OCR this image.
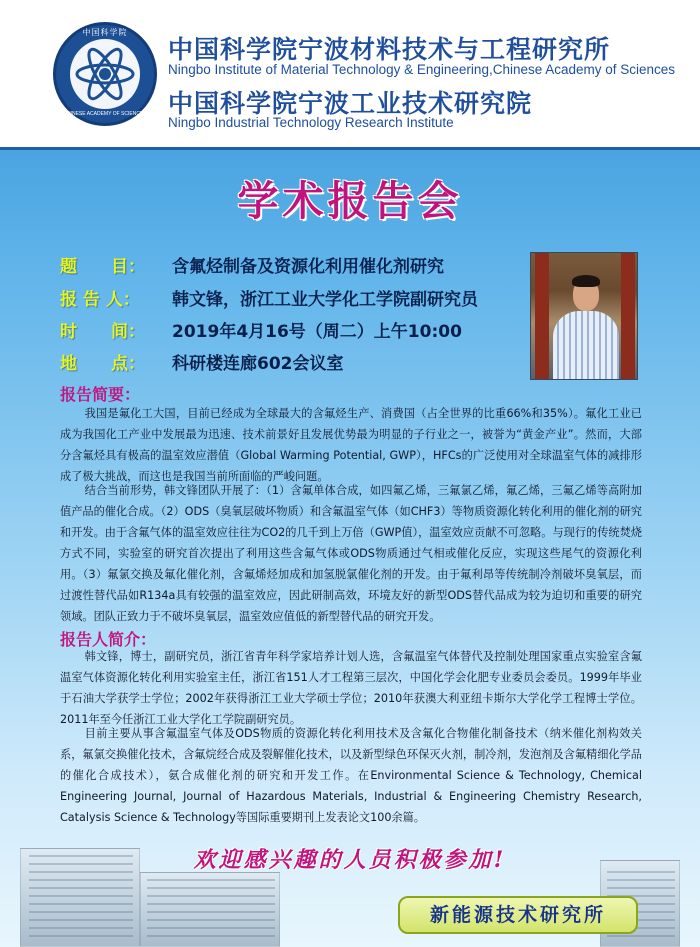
中国科学院
CHINESE ACADEMY OF SCIENCES
中国科学院宁波材料技术与工程研究所
Ningbo Institute of Material Technology & Engineering,Chinese Academy of Sciences
中国科学院宁波工业技术研究院
Ningbo Industrial Technology Research Institute
学术报告会
题　　目： 含氟烃制备及资源化利用催化剂研究
报 告 人： 韩文锋，浙江工业大学化工学院副研究员
时　　间： 2019年4月16号（周二）上午10:00
地　　点： 科研楼连廊602会议室
报告简要：
我国是氟化工大国，目前已经成为全球最大的含氟烃生产、消费国（占全世界的比重66%和35%）。氟化工业已成为我国化工产业中发展最为迅速、技术前景好且发展优势最为明显的子行业之一，被誉为“黄金产业”。然而，大部分含氟烃具有极高的温室效应潜值（Global Warming Potential, GWP），HFCs的广泛使用对全球温室气体的减排形成了极大挑战，而这也是我国当前所面临的严峻问题。
结合当前形势，韩文锋团队开展了：（1）含氟单体合成，如四氟乙烯，三氟氯乙烯，氟乙烯，三氟乙烯等高附加值产品的催化合成。（2）ODS（臭氧层破坏物质）和含氟温室气体（如CHF3）等物质资源化转化利用的催化剂的研究和开发。由于含氟气体的温室效应往往为CO2的几千到上万倍（GWP值），温室效应贡献不可忽略。与现行的传统焚烧方式不同，实验室的研究首次提出了利用这些含氟气体或ODS物质通过气相或催化反应，实现这些尾气的资源化利用。（3）氟氯交换及氟化催化剂，含氟烯烃加成和加氢脱氯催化剂的开发。由于氟利昂等传统制冷剂破坏臭氧层，而过渡性替代品如R134a具有较强的温室效应，因此研制高效，环境友好的新型ODS替代品成为较为迫切和重要的研究领域。团队正致力于不破坏臭氧层，温室效应值低的新型替代品的研究开发。
报告人简介：
韩文锋，博士，副研究员，浙江省青年科学家培养计划人选，含氟温室气体替代及控制处理国家重点实验室含氟温室气体资源化转化利用实验室主任，浙江省151人才工程第三层次，中国化学会化肥专业委员会委员。1999年毕业于石油大学获学士学位；2002年获得浙江工业大学硕士学位；2010年获澳大利亚纽卡斯尔大学化学工程博士学位。2011年至今任浙江工业大学化工学院副研究员。
目前主要从事含氟温室气体及ODS物质的资源化转化利用技术及含氟化合物催化制备技术（纳米催化剂构效关系，氟氯交换催化技术，含氟烷经合成及裂解催化技术，以及新型绿色环保灭火剂，制冷剂，发泡剂及含氟精细化学品的催化合成技术），氨合成催化剂的研究和开发工作。在Environmental Science & Technology, Chemical Engineering Journal, Journal of Hazardous Materials, Industrial & Engineering Chemistry Research, Catalysis Science & Technology等国际重要期刊上发表论文100余篇。
欢迎感兴趣的人员积极参加!
新能源技术研究所
